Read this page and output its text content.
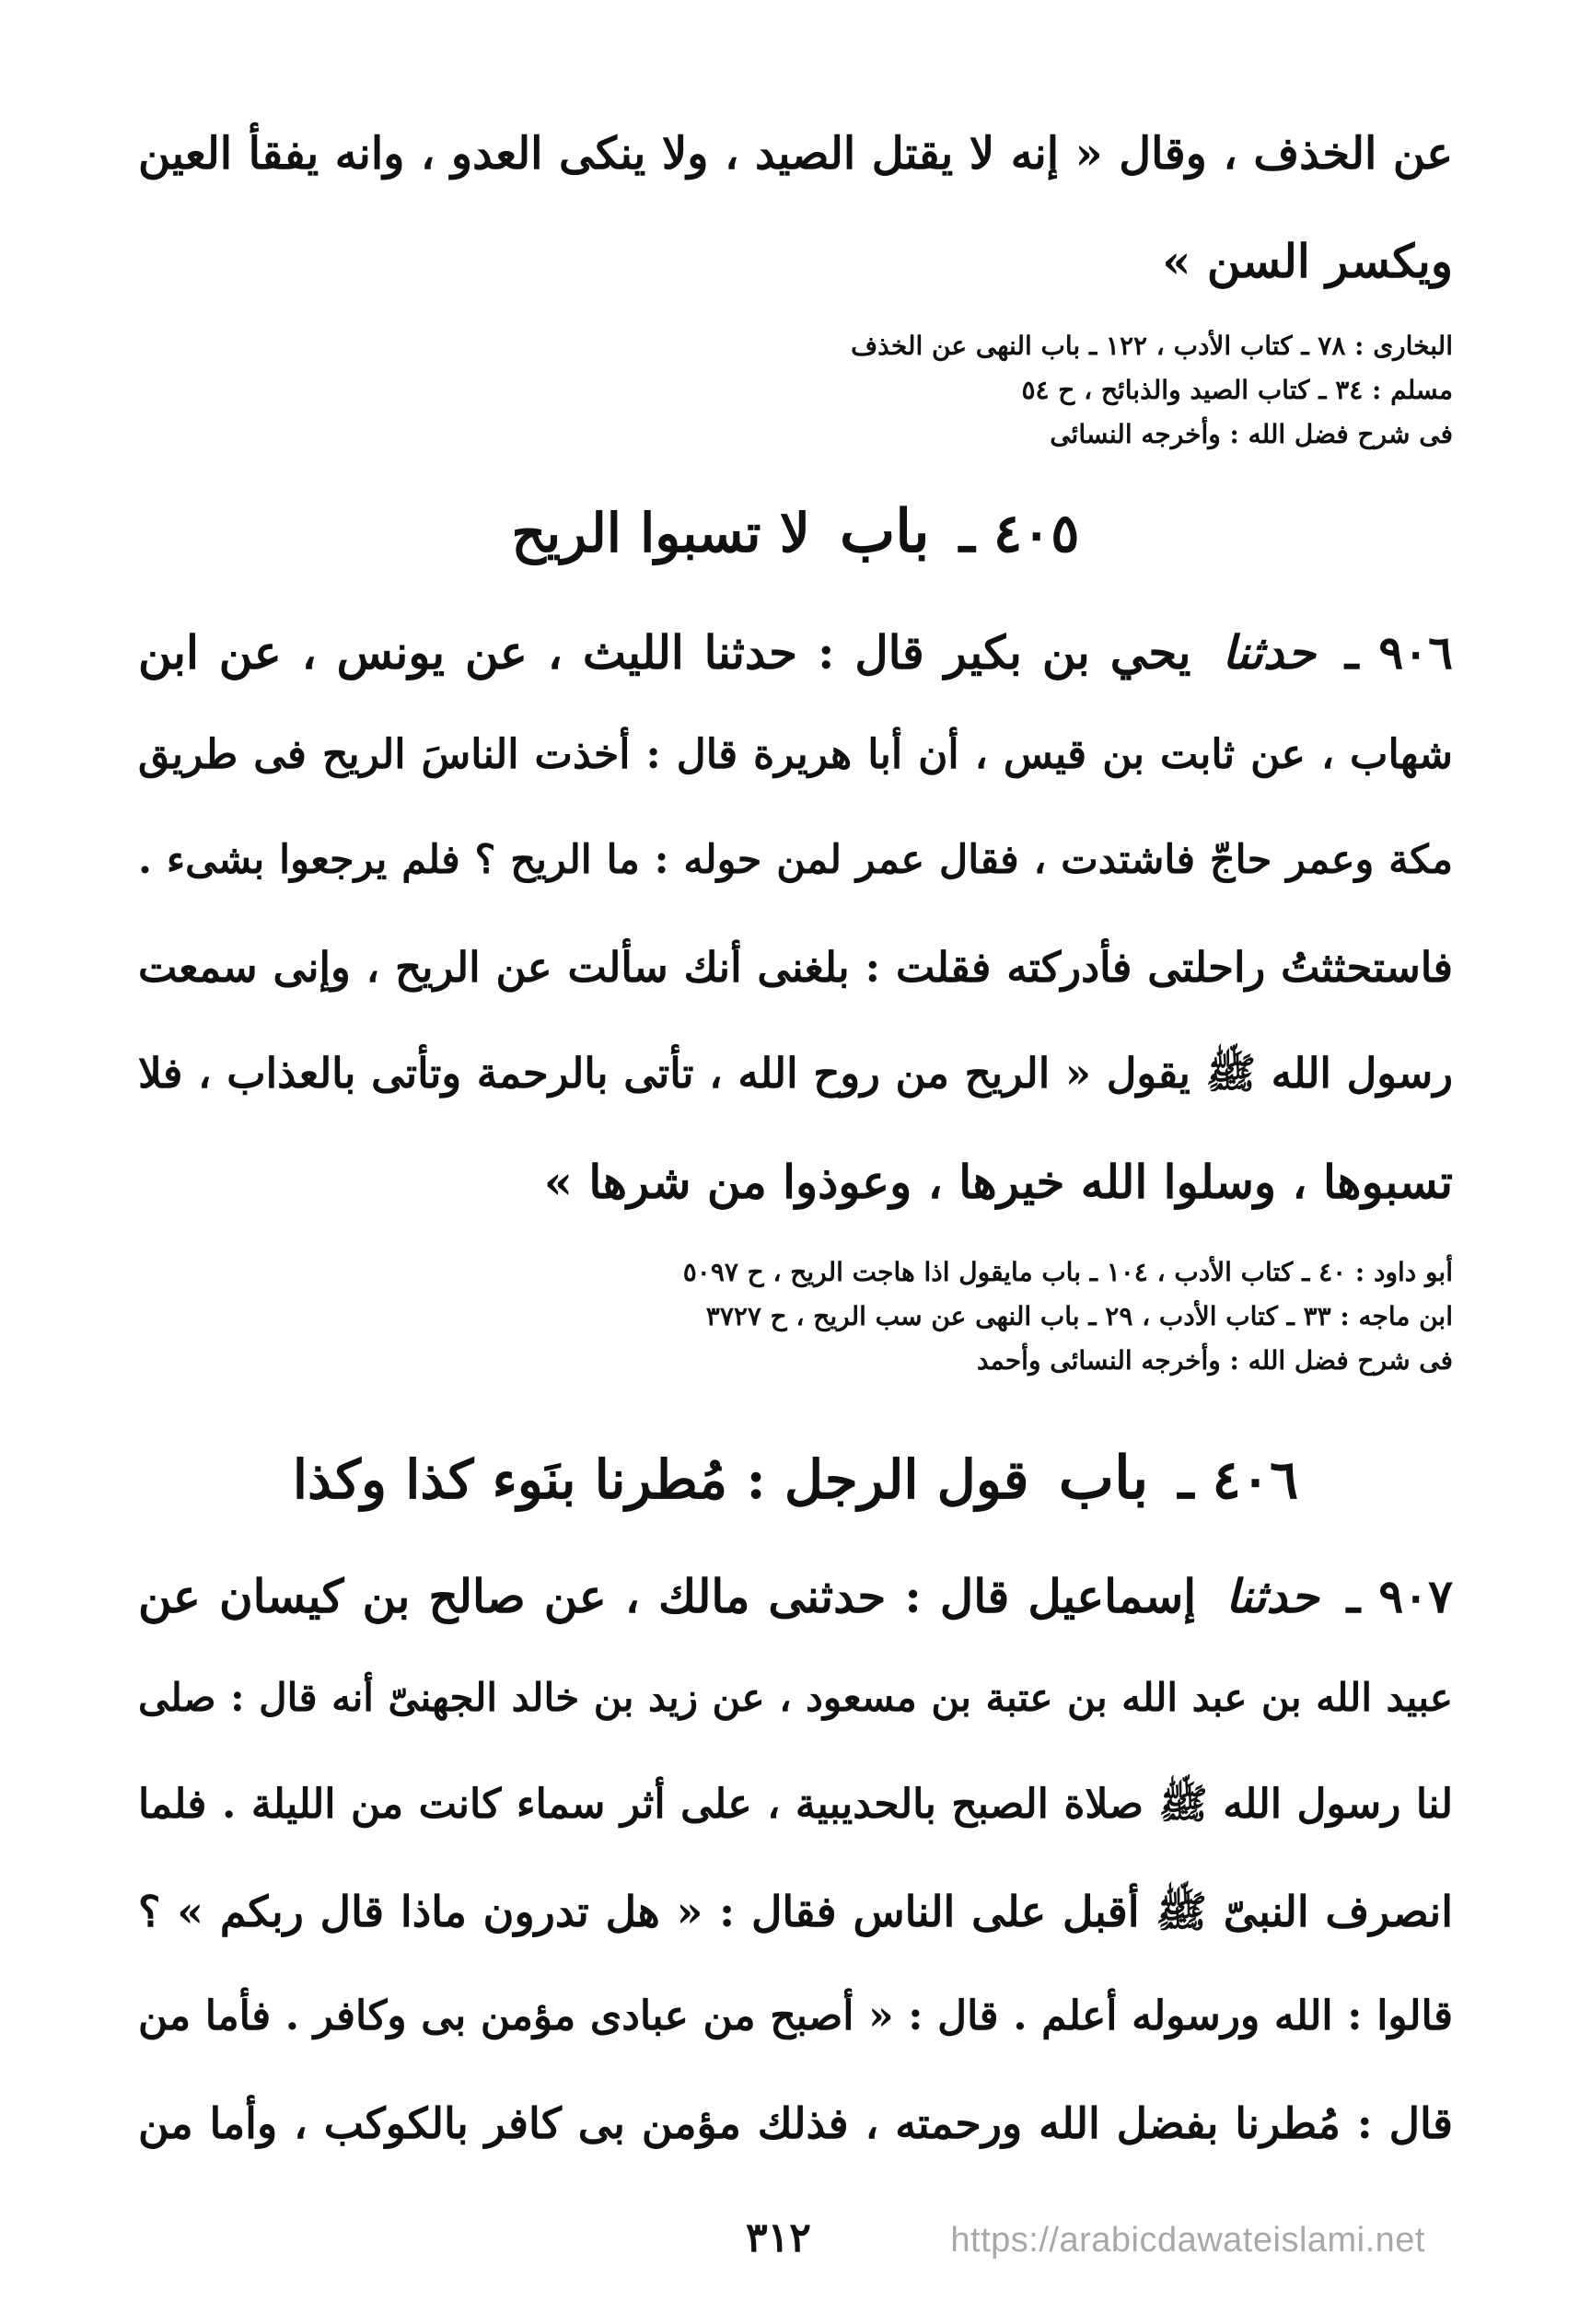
عن الخذف ، وقال « إنه لا يقتل الصيد ، ولا ينكى العدو ، وانه يفقأ العين
ويكسر السن »
البخارى : ٧٨ ـ كتاب الأدب ، ١٢٢ ـ باب النهى عن الخذف
مسلم : ٣٤ ـ كتاب الصيد والذبائح ، ح ٥٤
فى شرح فضل الله : وأخرجه النسائى
٤٠٥ ـ باب لا تسبوا الريح
٩٠٦ ـ حدثنا يحي بن بكير قال : حدثنا الليث ، عن يونس ، عن ابن
شهاب ، عن ثابت بن قيس ، أن أبا هريرة قال : أخذت الناسَ الريح فى طريق
مكة وعمر حاجّ فاشتدت ، فقال عمر لمن حوله : ما الريح ؟ فلم يرجعوا بشىء .
فاستحثثتُ راحلتى فأدركته فقلت : بلغنى أنك سألت عن الريح ، وإنى سمعت
رسول الله ﷺ يقول « الريح من روح الله ، تأتى بالرحمة وتأتى بالعذاب ، فلا
تسبوها ، وسلوا الله خيرها ، وعوذوا من شرها »
أبو داود : ٤٠ ـ كتاب الأدب ، ١٠٤ ـ باب مايقول اذا هاجت الريح ، ح ٥٠٩٧
ابن ماجه : ٣٣ ـ كتاب الأدب ، ٢٩ ـ باب النهى عن سب الريح ، ح ٣٧٢٧
فى شرح فضل الله : وأخرجه النسائى وأحمد
٤٠٦ ـ باب قول الرجل : مُطرنا بنَوء كذا وكذا
٩٠٧ ـ حدثنا إسماعيل قال : حدثنى مالك ، عن صالح بن كيسان عن
عبيد الله بن عبد الله بن عتبة بن مسعود ، عن زيد بن خالد الجهنىّ أنه قال : صلى
لنا رسول الله ﷺ صلاة الصبح بالحديبية ، على أثر سماء كانت من الليلة . فلما
انصرف النبىّ ﷺ أقبل على الناس فقال : « هل تدرون ماذا قال ربكم » ؟
قالوا : الله ورسوله أعلم . قال : « أصبح من عبادى مؤمن بى وكافر . فأما من
قال : مُطرنا بفضل الله ورحمته ، فذلك مؤمن بى كافر بالكوكب ، وأما من
٣١٢	https://arabicdawateislami.net
